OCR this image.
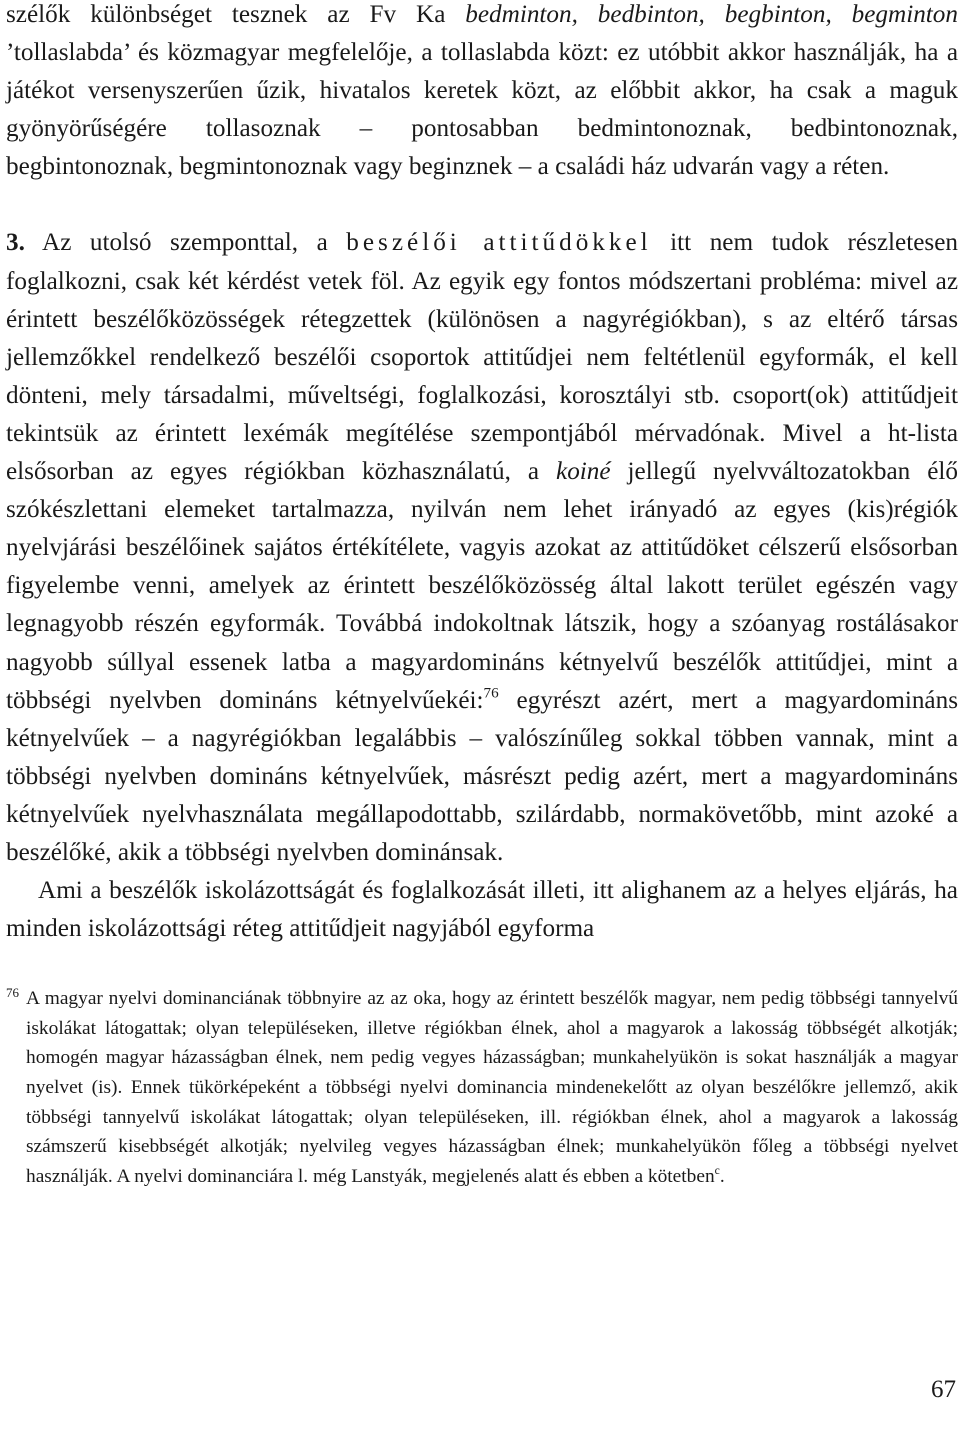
szélők különbséget tesznek az Fv Ka bedminton, bedbinton, begbinton, begminton ’tollaslabda’ és közmagyar megfelelője, a tollaslabda közt: ez utóbbit akkor használják, ha a játékot versenyszerűen űzik, hivatalos keretek közt, az előbbit akkor, ha csak a maguk gyönyörűségére tollasoznak – pontosabban bedmintonoznak, bedbintonoznak, begbintonoznak, begmintonoznak vagy beginznek – a családi ház udvarán vagy a réten.

3. Az utolsó szemponttal, a beszélői attitűdökkel itt nem tudok részletesen foglalkozni, csak két kérdést vetek föl. Az egyik egy fontos módszertani probléma: mivel az érintett beszélőközösségek rétegzettek (különösen a nagyrégiókban), s az eltérő társas jellemzőkkel rendelkező beszélői csoportok attitűdjei nem feltétlenül egyformák, el kell dönteni, mely társadalmi, műveltségi, foglalkozási, korosztályi stb. csoport(ok) attitűdjeit tekintsük az érintett lexémák megítélése szempontjából mérvadónak. Mivel a ht-lista elsősorban az egyes régiókban közhasználatú, a koiné jellegű nyelvváltozatokban élő szókészlettani elemeket tartalmazza, nyilván nem lehet irányadó az egyes (kis)régiók nyelvjárási beszélőinek sajátos értékítélete, vagyis azokat az attitűdöket célszerű elsősorban figyelembe venni, amelyek az érintett beszélőközösség által lakott terület egészén vagy legnagyobb részén egyformák. Továbbá indokoltnak látszik, hogy a szóanyag rostálásakor nagyobb súllyal essenek latba a magyardomináns kétnyelvű beszélők attitűdjei, mint a többségi nyelvben domináns kétnyelvűekéi:$^{76}$ egyrészt azért, mert a magyardomináns kétnyelvűek – a nagyrégiókban legalábbis – valószínűleg sokkal többen vannak, mint a többségi nyelvben domináns kétnyelvűek, másrészt pedig azért, mert a magyardomináns kétnyelvűek nyelvhasználata megállapodottabb, szilárdabb, normakövetőbb, mint azoké a beszélőké, akik a többségi nyelvben dominánsak.

Ami a beszélők iskolázottságát és foglalkozását illeti, itt alighanem az a helyes eljárás, ha minden iskolázottsági réteg attitűdjeit nagyjából egyforma

76 A magyar nyelvi dominanciának többnyire az az oka, hogy az érintett beszélők magyar, nem pedig többségi tannyelvű iskolákat látogattak; olyan településeken, illetve régiókban élnek, ahol a magyarok a lakosság többségét alkotják; homogén magyar házasságban élnek, nem pedig vegyes házasságban; munkahelyükön is sokat használják a magyar nyelvet (is). Ennek tükörképeként a többségi nyelvi dominancia mindenekelőtt az olyan beszélőkre jellemző, akik többségi tannyelvű iskolákat látogattak; olyan településeken, ill. régiókban élnek, ahol a magyarok a lakosság számszerű kisebbségét alkotják; nyelvileg vegyes házasságban élnek; munkahelyükön főleg a többségi nyelvet használják. A nyelvi dominanciára l. még Lanstyák, megjelenés alatt és ebben a kötetben$^c$.

67
